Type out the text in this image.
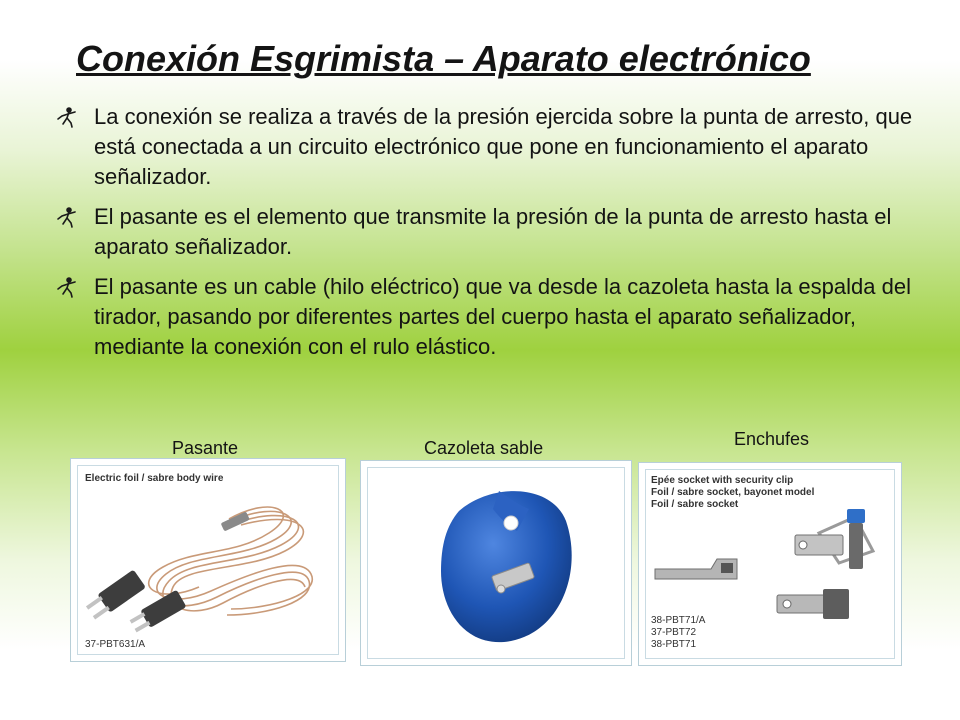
Conexión Esgrimista – Aparato electrónico
La conexión se realiza a través de la presión ejercida sobre la punta de arresto, que está conectada a un circuito electrónico que pone en funcionamiento el aparato señalizador.
El pasante es el elemento que transmite la presión de la punta de arresto hasta el aparato señalizador.
El pasante es un cable (hilo eléctrico) que va desde la cazoleta hasta la espalda del tirador, pasando por diferentes partes del cuerpo hasta el aparato señalizador, mediante la conexión con el rulo elástico.
Pasante	Cazoleta sable	Enchufes
Electric foil / sabre body wire
37-PBT631/A
Epée socket with security clip
Foil / sabre socket, bayonet model
Foil / sabre socket
38-PBT71/A
37-PBT72
38-PBT71
